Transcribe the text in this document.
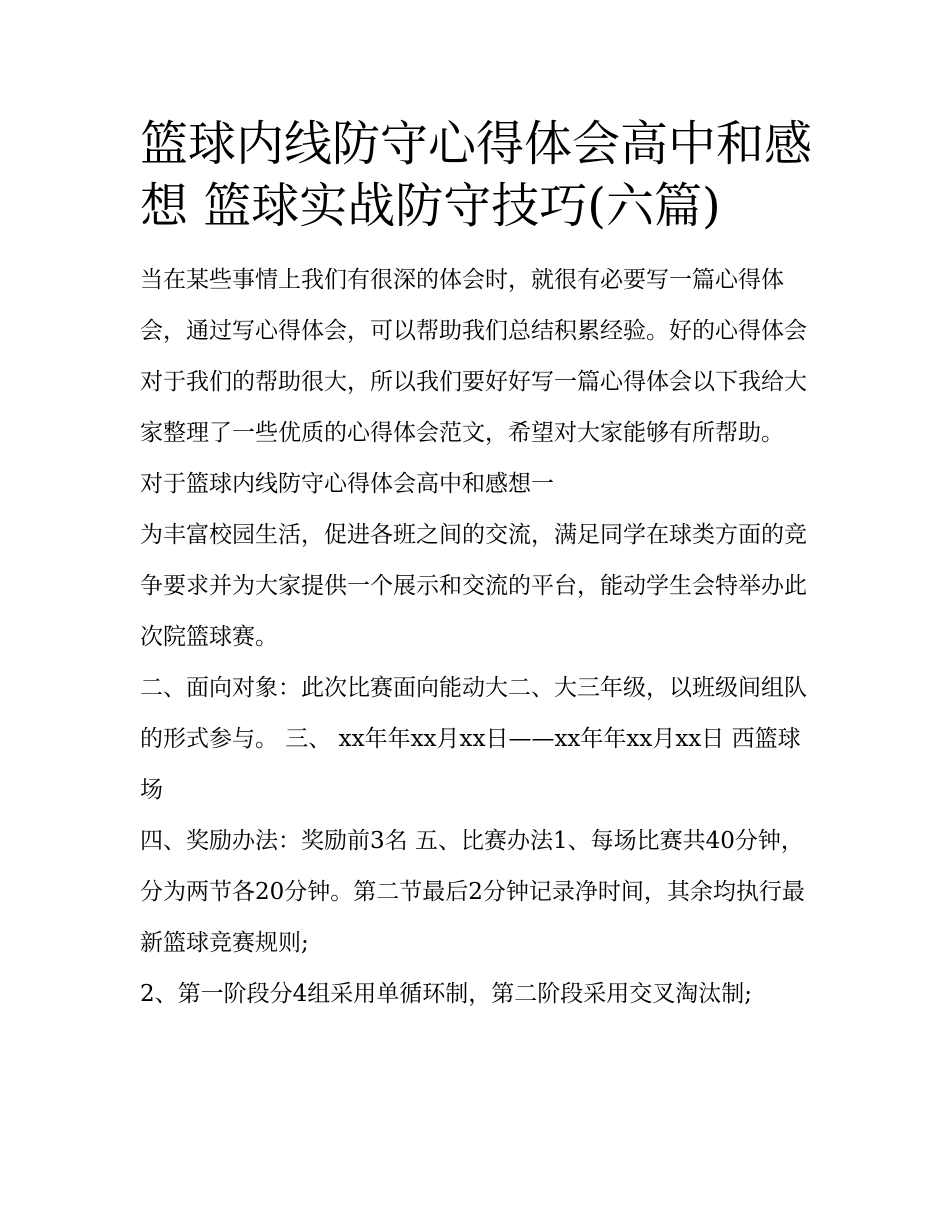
篮球内线防守心得体会高中和感想 篮球实战防守技巧(六篇)

当在某些事情上我们有很深的体会时，就很有必要写一篇心得体会，通过写心得体会，可以帮助我们总结积累经验。好的心得体会对于我们的帮助很大，所以我们要好好写一篇心得体会以下我给大家整理了一些优质的心得体会范文，希望对大家能够有所帮助。

对于篮球内线防守心得体会高中和感想一

为丰富校园生活，促进各班之间的交流，满足同学在球类方面的竞争要求并为大家提供一个展示和交流的平台，能动学生会特举办此次院篮球赛。

二、面向对象：此次比赛面向能动大二、大三年级，以班级间组队的形式参与。 三、 xx年年xx月xx日——xx年年xx月xx日 西篮球场

四、奖励办法：奖励前3名 五、比赛办法1、每场比赛共40分钟，分为两节各20分钟。第二节最后2分钟记录净时间，其余均执行最新篮球竞赛规则;

2、第一阶段分4组采用单循环制，第二阶段采用交叉淘汰制;
